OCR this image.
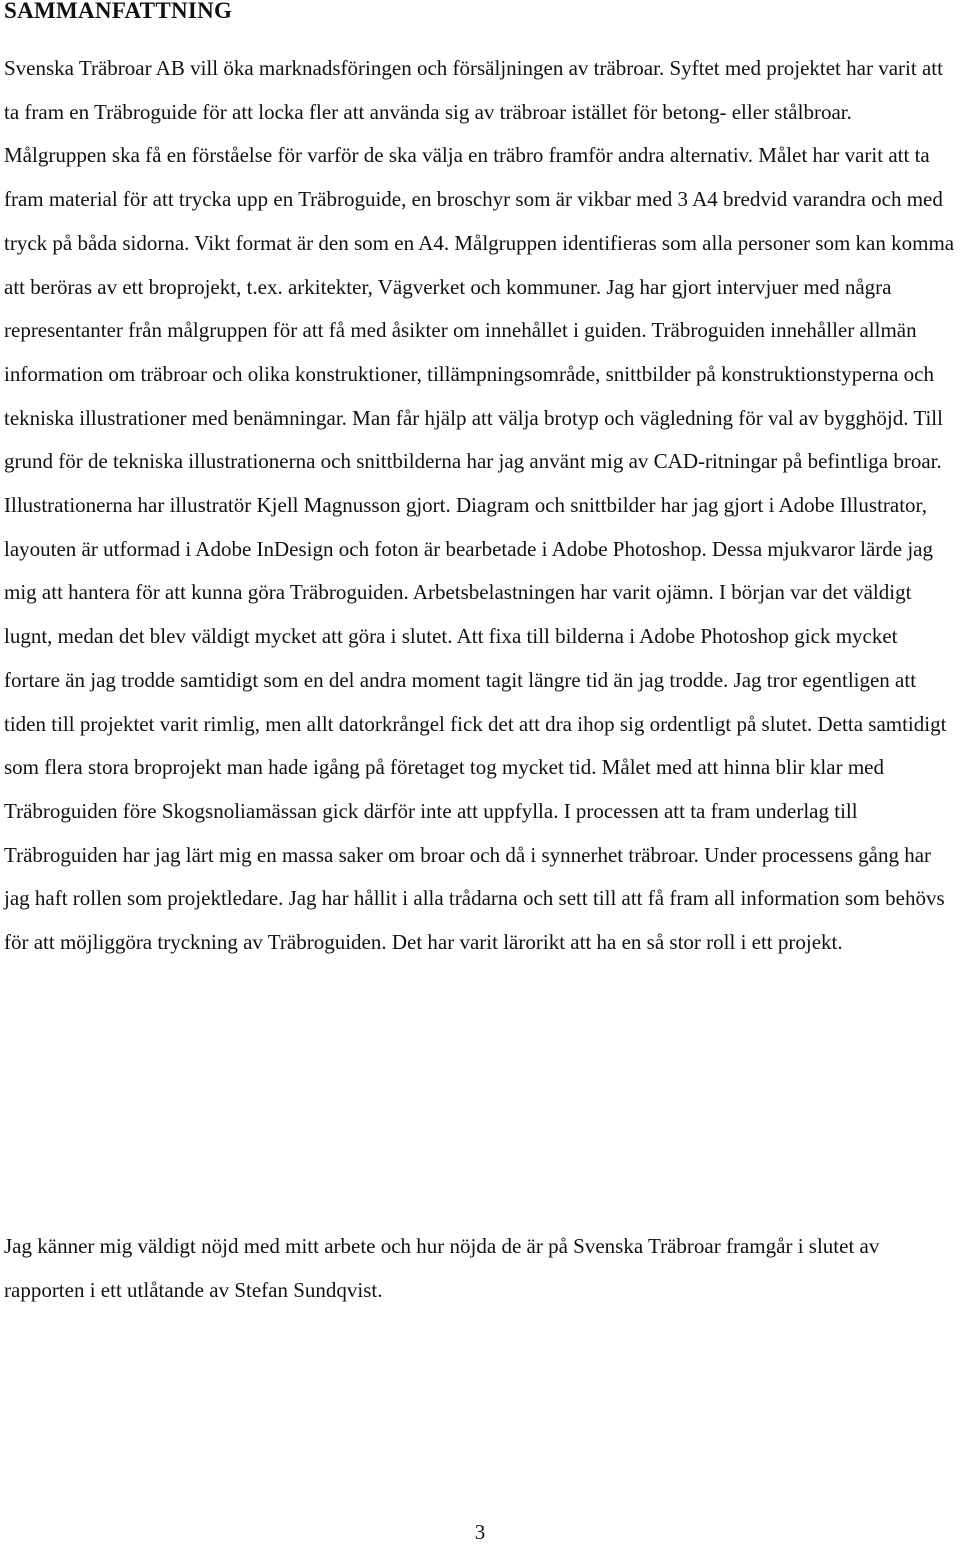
SAMMANFATTNING

Svenska Träbroar AB vill öka marknadsföringen och försäljningen av träbroar. Syftet med projektet har varit att ta fram en Träbroguide för att locka fler att använda sig av träbroar istället för betong- eller stålbroar. Målgruppen ska få en förståelse för varför de ska välja en träbro framför andra alternativ. Målet har varit att ta fram material för att trycka upp en Träbroguide, en broschyr som är vikbar med 3 A4 bredvid varandra och med tryck på båda sidorna. Vikt format är den som en A4. Målgruppen identifieras som alla personer som kan komma att beröras av ett broprojekt, t.ex. arkitekter, Vägverket och kommuner. Jag har gjort intervjuer med några representanter från målgruppen för att få med åsikter om innehållet i guiden. Träbroguiden innehåller allmän information om träbroar och olika konstruktioner, tillämpningsområde, snittbilder på konstruktionstyperna och tekniska illustrationer med benämningar. Man får hjälp att välja brotyp och vägledning för val av bygghöjd. Till grund för de tekniska illustrationerna och snittbilderna har jag använt mig av CAD-ritningar på befintliga broar. Illustrationerna har illustratör Kjell Magnusson gjort. Diagram och snittbilder har jag gjort i Adobe Illustrator, layouten är utformad i Adobe InDesign och foton är bearbetade i Adobe Photoshop. Dessa mjukvaror lärde jag mig att hantera för att kunna göra Träbroguiden. Arbetsbelastningen har varit ojämn. I början var det väldigt lugnt, medan det blev väldigt mycket att göra i slutet. Att fixa till bilderna i Adobe Photoshop gick mycket fortare än jag trodde samtidigt som en del andra moment tagit längre tid än jag trodde. Jag tror egentligen att tiden till projektet varit rimlig, men allt datorkrångel fick det att dra ihop sig ordentligt på slutet. Detta samtidigt som flera stora broprojekt man hade igång på företaget tog mycket tid. Målet med att hinna blir klar med Träbroguiden före Skogsnoliamässan gick därför inte att uppfylla. I processen att ta fram underlag till Träbroguiden har jag lärt mig en massa saker om broar och då i synnerhet träbroar. Under processens gång har jag haft rollen som projektledare. Jag har hållit i alla trådarna och sett till att få fram all information som behövs för att möjliggöra tryckning av Träbroguiden. Det har varit lärorikt att ha en så stor roll i ett projekt.

Jag känner mig väldigt nöjd med mitt arbete och hur nöjda de är på Svenska Träbroar framgår i slutet av rapporten i ett utlåtande av Stefan Sundqvist.

3
